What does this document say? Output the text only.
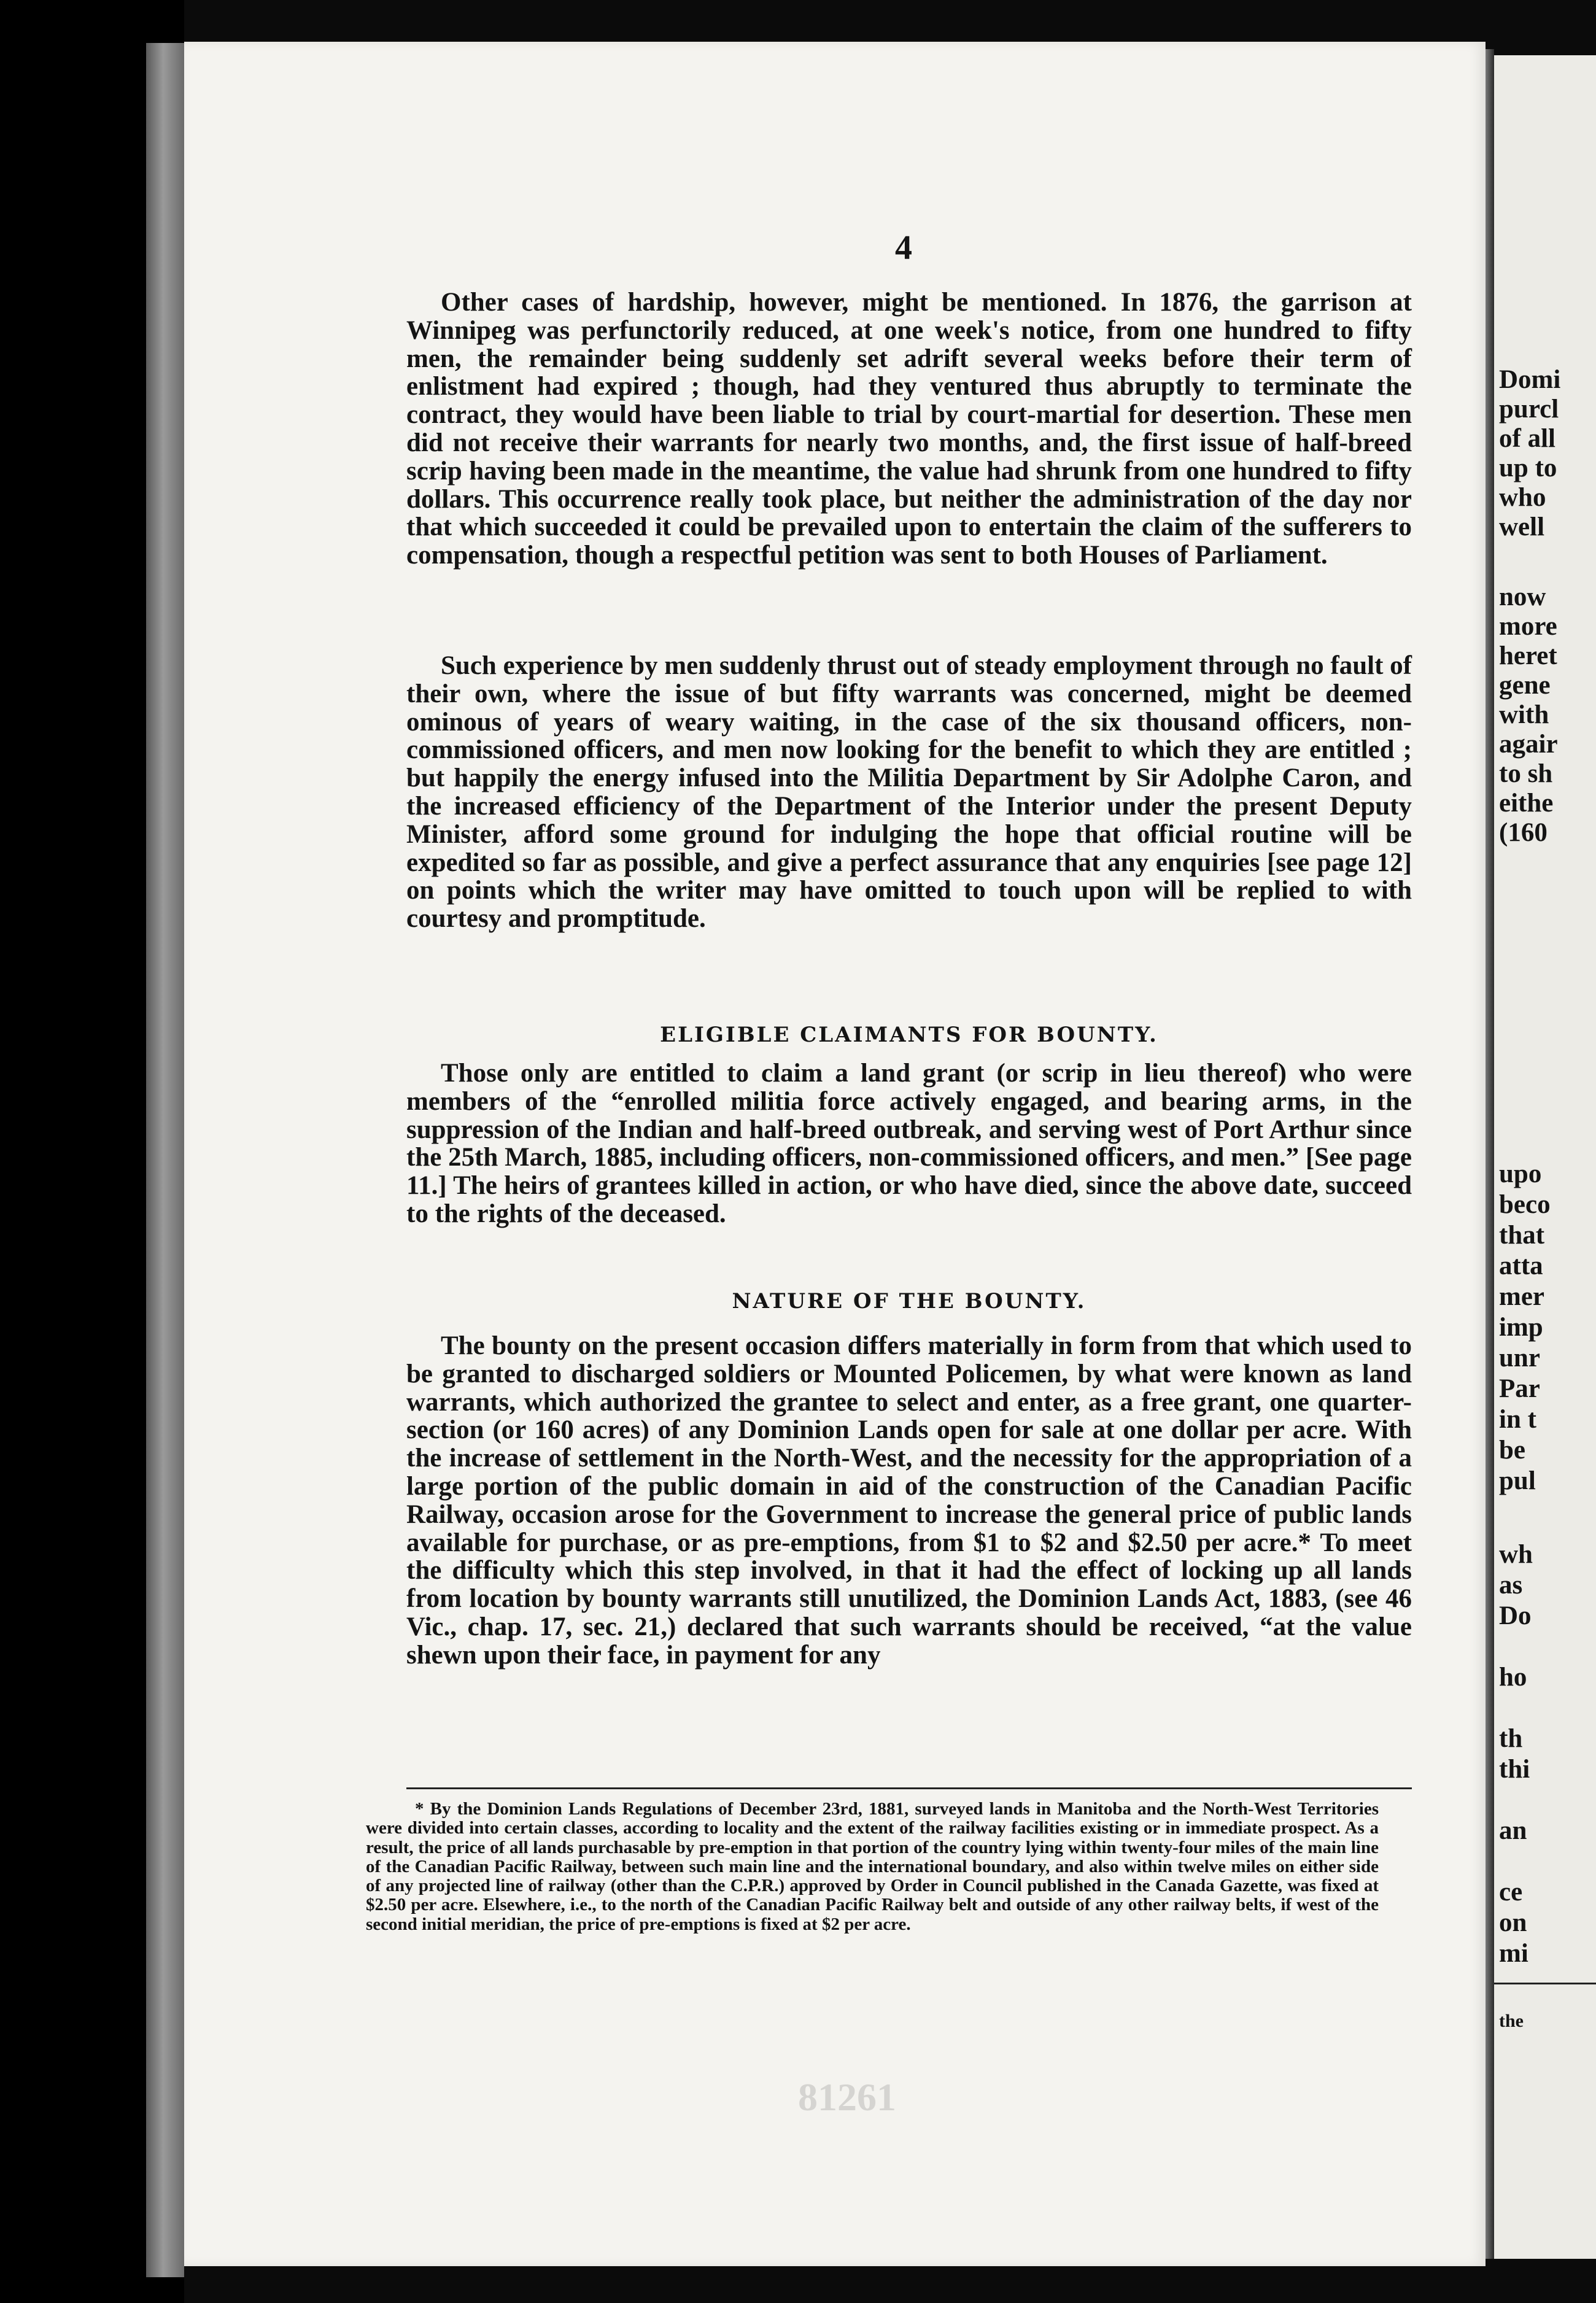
4

Other cases of hardship, however, might be mentioned. In 1876, the garrison at Winnipeg was perfunctorily reduced, at one week's notice, from one hundred to fifty men, the remainder being suddenly set adrift several weeks before their term of enlistment had expired ; though, had they ventured thus abruptly to terminate the contract, they would have been liable to trial by court-martial for desertion. These men did not receive their warrants for nearly two months, and, the first issue of half-breed scrip having been made in the meantime, the value had shrunk from one hundred to fifty dollars. This occurrence really took place, but neither the administration of the day nor that which succeeded it could be prevailed upon to entertain the claim of the sufferers to compensation, though a respectful petition was sent to both Houses of Parliament.

Such experience by men suddenly thrust out of steady employment through no fault of their own, where the issue of but fifty warrants was concerned, might be deemed ominous of years of weary waiting, in the case of the six thousand officers, non-commissioned officers, and men now looking for the benefit to which they are entitled ; but happily the energy infused into the Militia Department by Sir Adolphe Caron, and the increased efficiency of the Department of the Interior under the present Deputy Minister, afford some ground for indulging the hope that official routine will be expedited so far as possible, and give a perfect assurance that any enquiries [see page 12] on points which the writer may have omitted to touch upon will be replied to with courtesy and promptitude.

ELIGIBLE CLAIMANTS FOR BOUNTY.

Those only are entitled to claim a land grant (or scrip in lieu thereof) who were members of the “enrolled militia force actively engaged, and bearing arms, in the suppression of the Indian and half-breed outbreak, and serving west of Port Arthur since the 25th March, 1885, including officers, non-commissioned officers, and men.” [See page 11.] The heirs of grantees killed in action, or who have died, since the above date, succeed to the rights of the deceased.

NATURE OF THE BOUNTY.

The bounty on the present occasion differs materially in form from that which used to be granted to discharged soldiers or Mounted Policemen, by what were known as land warrants, which authorized the grantee to select and enter, as a free grant, one quarter-section (or 160 acres) of any Dominion Lands open for sale at one dollar per acre. With the increase of settlement in the North-West, and the necessity for the appropriation of a large portion of the public domain in aid of the construction of the Canadian Pacific Railway, occasion arose for the Government to increase the general price of public lands available for purchase, or as pre-emptions, from $1 to $2 and $2.50 per acre.* To meet the difficulty which this step involved, in that it had the effect of locking up all lands from location by bounty warrants still unutilized, the Dominion Lands Act, 1883, (see 46 Vic., chap. 17, sec. 21,) declared that such warrants should be received, “at the value shewn upon their face, in payment for any

* By the Dominion Lands Regulations of December 23rd, 1881, surveyed lands in Manitoba and the North-West Territories were divided into certain classes, according to locality and the extent of the railway facilities existing or in immediate prospect. As a result, the price of all lands purchasable by pre-emption in that portion of the country lying within twenty-four miles of the main line of the Canadian Pacific Railway, between such main line and the international boundary, and also within twelve miles on either side of any projected line of railway (other than the C.P.R.) approved by Order in Council published in the Canada Gazette, was fixed at $2.50 per acre. Elsewhere, i.e., to the north of the Canadian Pacific Railway belt and outside of any other railway belts, if west of the second initial meridian, the price of pre-emptions is fixed at $2 per acre.

81261
Domi
purcl
of all
up to
who
well
now
more
heret
gene
with
agair
to sh
eithe
(160
upo
beco
that
atta
mer
imp
unr
Par
in t
be
pul
wh
as
Do
ho
th
thi
an
ce
on
mi
the
